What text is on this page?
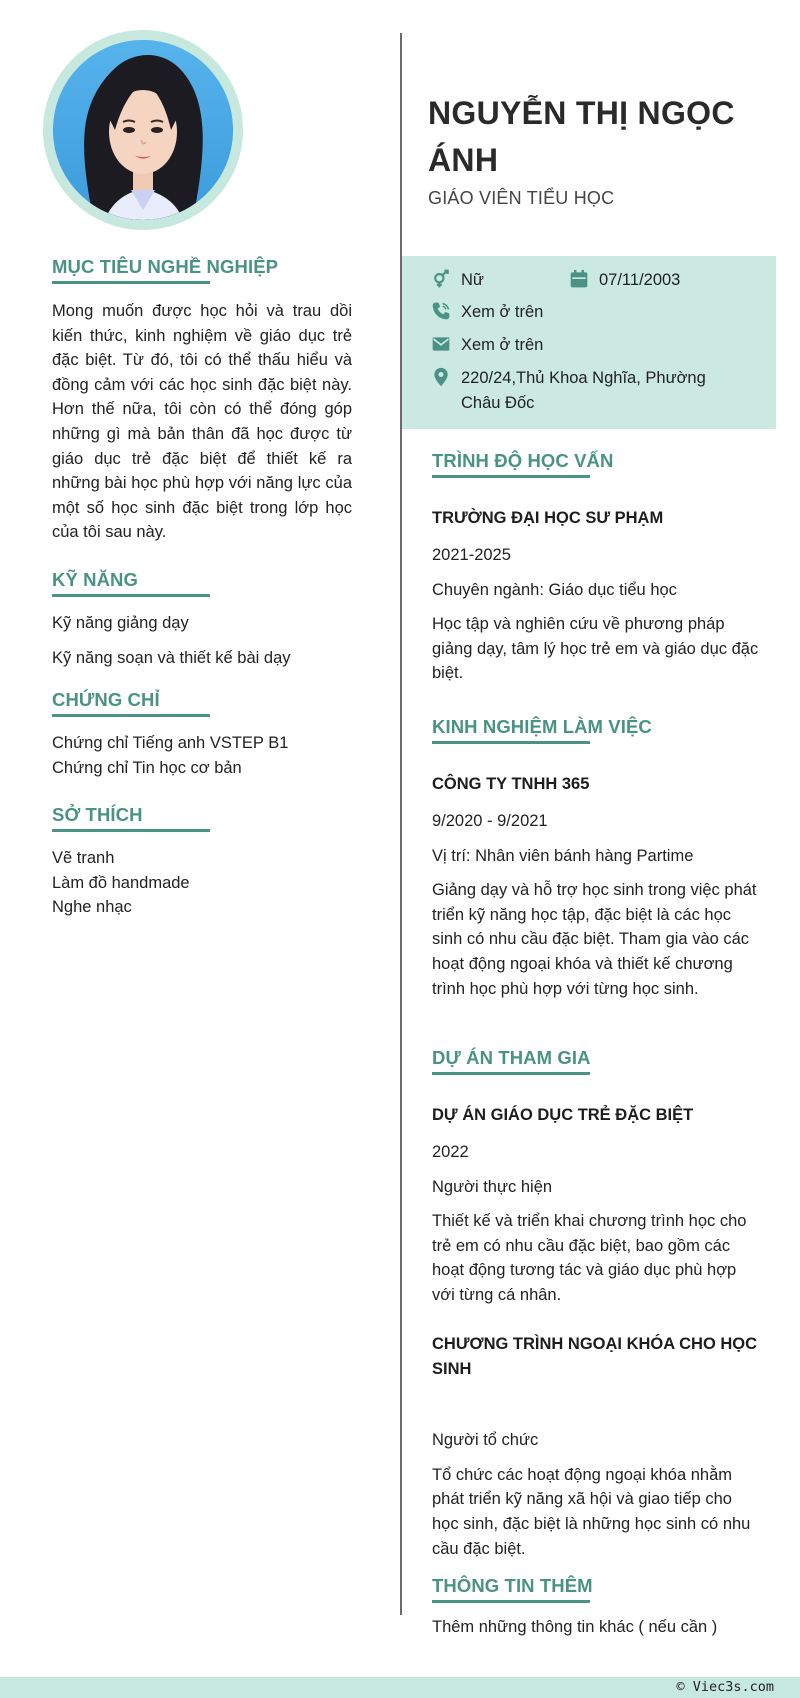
MỤC TIÊU NGHỀ NGHIỆP
Mong muốn được học hỏi và trau dồi kiến thức, kinh nghiệm về giáo dục trẻ đặc biệt. Từ đó, tôi có thể thấu hiểu và đồng cảm với các học sinh đặc biệt này. Hơn thế nữa, tôi còn có thể đóng góp những gì mà bản thân đã học được từ giáo dục trẻ đặc biệt để thiết kế ra những bài học phù hợp với năng lực của một số học sinh đặc biệt trong lớp học của tôi sau này.
KỸ NĂNG
Kỹ năng giảng dạy
Kỹ năng soạn và thiết kế bài dạy
CHỨNG CHỈ
Chứng chỉ Tiếng anh VSTEP B1
Chứng chỉ Tin học cơ bản
SỞ THÍCH
Vẽ tranh
Làm đồ handmade
Nghe nhạc
NGUYỄN THỊ NGỌC ÁNH
GIÁO VIÊN TIỂU HỌC
Nữ	07/11/2003
Xem ở trên
Xem ở trên
220/24,Thủ Khoa Nghĩa, Phường Châu Đốc
TRÌNH ĐỘ HỌC VẤN
TRƯỜNG ĐẠI HỌC SƯ PHẠM
2021-2025
Chuyên ngành: Giáo dục tiểu học
Học tập và nghiên cứu về phương pháp giảng dạy, tâm lý học trẻ em và giáo dục đặc biệt.
KINH NGHIỆM LÀM VIỆC
CÔNG TY TNHH 365
9/2020 - 9/2021
Vị trí: Nhân viên bánh hàng Partime
Giảng dạy và hỗ trợ học sinh trong việc phát triển kỹ năng học tập, đặc biệt là các học sinh có nhu cầu đặc biệt. Tham gia vào các hoạt động ngoại khóa và thiết kế chương trình học phù hợp với từng học sinh.
DỰ ÁN THAM GIA
DỰ ÁN GIÁO DỤC TRẺ ĐẶC BIỆT
2022
Người thực hiện
Thiết kế và triển khai chương trình học cho trẻ em có nhu cầu đặc biệt, bao gồm các hoạt động tương tác và giáo dục phù hợp với từng cá nhân.
CHƯƠNG TRÌNH NGOẠI KHÓA CHO HỌC SINH
Người tổ chức
Tổ chức các hoạt động ngoại khóa nhằm phát triển kỹ năng xã hội và giao tiếp cho học sinh, đặc biệt là những học sinh có nhu cầu đặc biệt.
THÔNG TIN THÊM
Thêm những thông tin khác ( nếu cần )
© Viec3s.com
